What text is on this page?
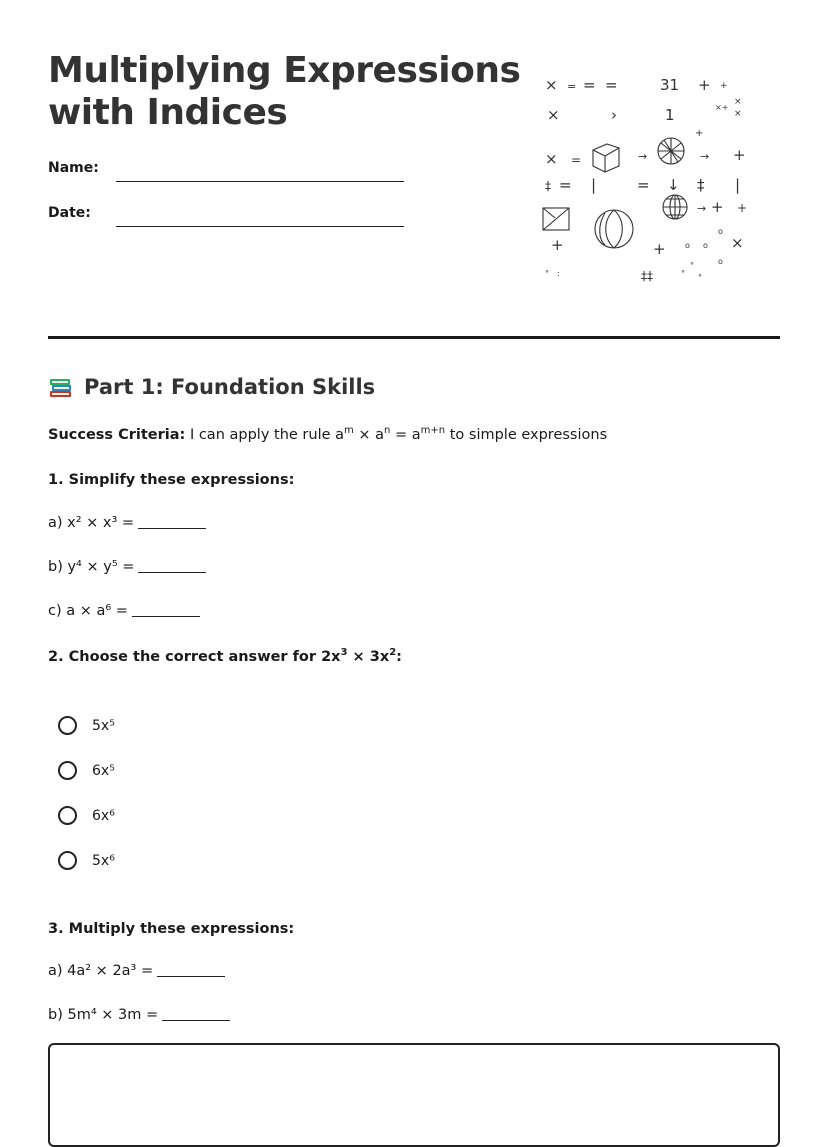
Multiplying Expressions
with Indices
Name:
Date:
× = = =	31 + +
×	›	1	×+
×
×
+
× =	→	→ +
‡ = |	= ↓ ‡ |
→ + +
+	+ o o
o
×
o
° :	‡‡	°
°
°
Part 1: Foundation Skills
Success Criteria: I can apply the rule $a^m \times a^n = a^{m+n}$ to simple expressions
1. Simplify these expressions:
a) x² × x³ =
b) y⁴ × y⁵ =
c) a × a⁶ =
2. Choose the correct answer for $2x^3 \times 3x^2$:
5x⁵
6x⁵
6x⁶
5x⁶
3. Multiply these expressions:
a) 4a² × 2a³ =
b) 5m⁴ × 3m =
